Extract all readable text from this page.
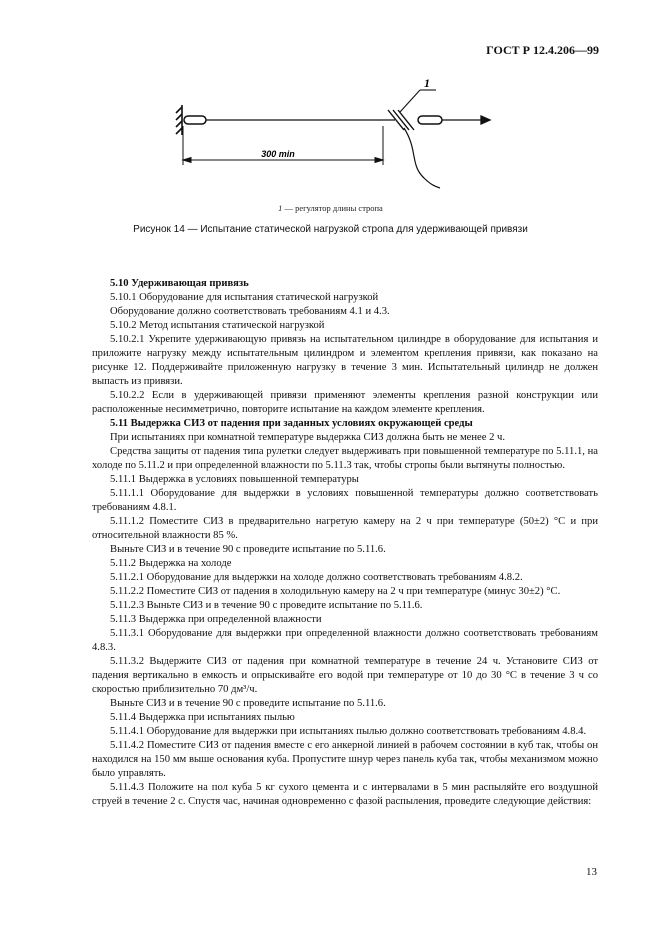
ГОСТ Р 12.4.206—99
1
300 min
1 — регулятор длины стропа
Рисунок 14 — Испытание статической нагрузкой стропа для удерживающей привязи

5.10 Удерживающая привязь

5.10.1 Оборудование для испытания статической нагрузкой

Оборудование должно соответствовать требованиям 4.1 и 4.3.

5.10.2 Метод испытания статической нагрузкой

5.10.2.1 Укрепите удерживающую привязь на испытательном цилиндре в оборудование для испытания и приложите нагрузку между испытательным цилиндром и элементом крепления привязи, как показано на рисунке 12. Поддерживайте приложенную нагрузку в течение 3 мин. Испытательный цилиндр не должен выпасть из привязи.

5.10.2.2 Если в удерживающей привязи применяют элементы крепления разной конструкции или расположенные несимметрично, повторите испытание на каждом элементе крепления.

5.11 Выдержка СИЗ от падения при заданных условиях окружающей среды

При испытаниях при комнатной температуре выдержка СИЗ должна быть не менее 2 ч.

Средства защиты от падения типа рулетки следует выдерживать при повышенной температуре по 5.11.1, на холоде по 5.11.2 и при определенной влажности по 5.11.3 так, чтобы стропы были вытянуты полностью.

5.11.1 Выдержка в условиях повышенной температуры

5.11.1.1 Оборудование для выдержки в условиях повышенной температуры должно соответствовать требованиям 4.8.1.

5.11.1.2 Поместите СИЗ в предварительно нагретую камеру на 2 ч при температуре (50±2) °С и при относительной влажности 85 %.

Выньте СИЗ и в течение 90 с проведите испытание по 5.11.6.

5.11.2 Выдержка на холоде

5.11.2.1 Оборудование для выдержки на холоде должно соответствовать требованиям 4.8.2.

5.11.2.2 Поместите СИЗ от падения в холодильную камеру на 2 ч при температуре (минус 30±2) °С.

5.11.2.3 Выньте СИЗ и в течение 90 с проведите испытание по 5.11.6.

5.11.3 Выдержка при определенной влажности

5.11.3.1 Оборудование для выдержки при определенной влажности должно соответствовать требованиям 4.8.3.

5.11.3.2 Выдержите СИЗ от падения при комнатной температуре в течение 24 ч. Установите СИЗ от падения вертикально в емкость и опрыскивайте его водой при температуре от 10 до 30 °С в течение 3 ч со скоростью приблизительно 70 дм³/ч.

Выньте СИЗ и в течение 90 с проведите испытание по 5.11.6.

5.11.4 Выдержка при испытаниях пылью

5.11.4.1 Оборудование для выдержки при испытаниях пылью должно соответствовать требованиям 4.8.4.

5.11.4.2 Поместите СИЗ от падения вместе с его анкерной линией в рабочем состоянии в куб так, чтобы он находился на 150 мм выше основания куба. Пропустите шнур через панель куба так, чтобы механизмом можно было управлять.

5.11.4.3 Положите на пол куба 5 кг сухого цемента и с интервалами в 5 мин распыляйте его воздушной струей в течение 2 с. Спустя час, начиная одновременно с фазой распыления, проведите следующие действия:

13
